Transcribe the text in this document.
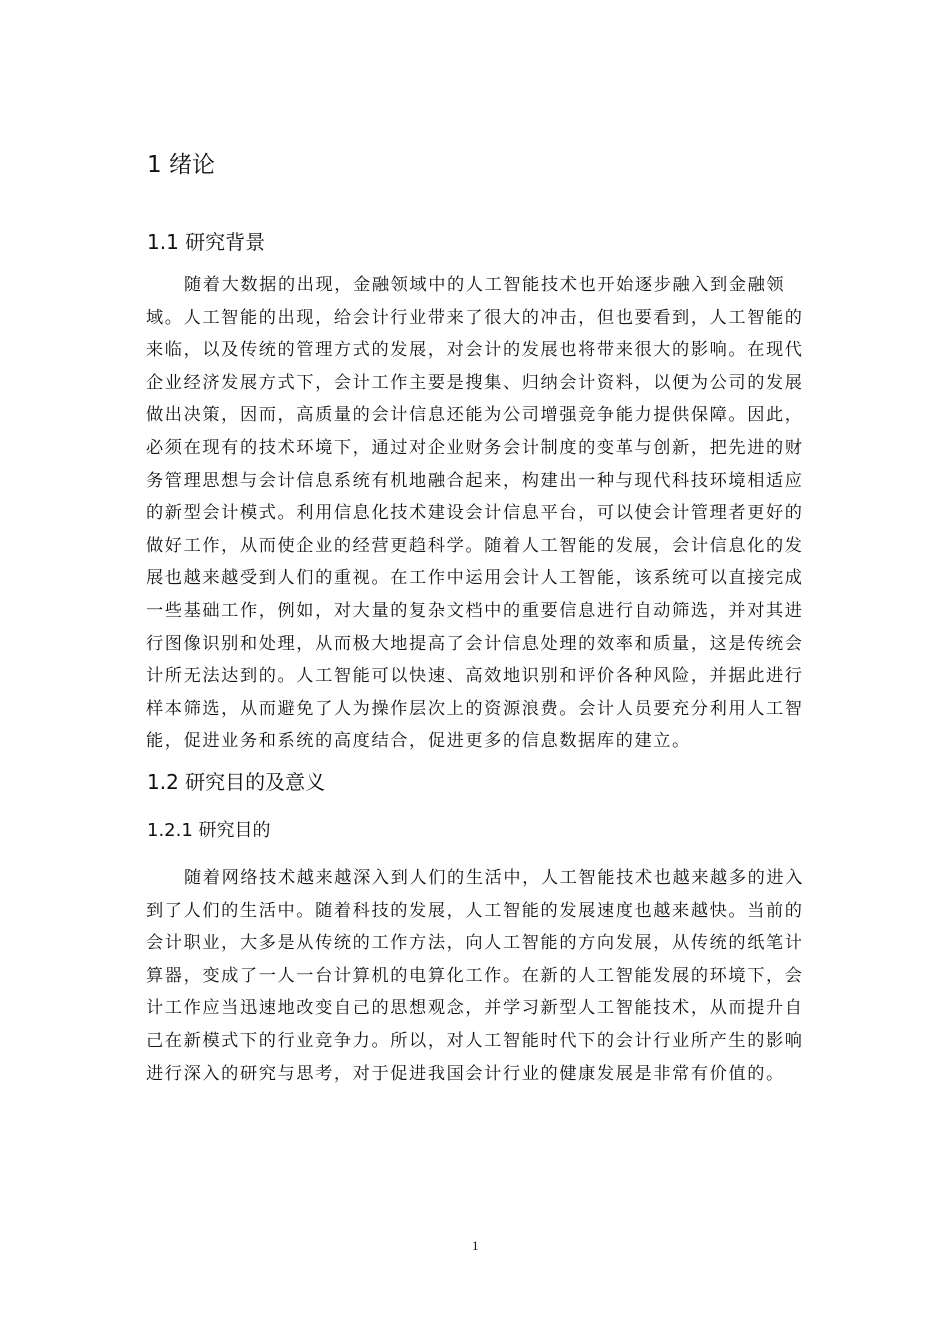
1 绪论
1.1 研究背景
随着大数据的出现，金融领域中的人工智能技术也开始逐步融入到金融领
域。人工智能的出现，给会计行业带来了很大的冲击，但也要看到，人工智能的
来临，以及传统的管理方式的发展，对会计的发展也将带来很大的影响。在现代
企业经济发展方式下，会计工作主要是搜集、归纳会计资料，以便为公司的发展
做出决策，因而，高质量的会计信息还能为公司增强竞争能力提供保障。因此，
必须在现有的技术环境下，通过对企业财务会计制度的变革与创新，把先进的财
务管理思想与会计信息系统有机地融合起来，构建出一种与现代科技环境相适应
的新型会计模式。利用信息化技术建设会计信息平台，可以使会计管理者更好的
做好工作，从而使企业的经营更趋科学。随着人工智能的发展，会计信息化的发
展也越来越受到人们的重视。在工作中运用会计人工智能，该系统可以直接完成
一些基础工作，例如，对大量的复杂文档中的重要信息进行自动筛选，并对其进
行图像识别和处理，从而极大地提高了会计信息处理的效率和质量，这是传统会
计所无法达到的。人工智能可以快速、高效地识别和评价各种风险，并据此进行
样本筛选，从而避免了人为操作层次上的资源浪费。会计人员要充分利用人工智
能，促进业务和系统的高度结合，促进更多的信息数据库的建立。
1.2 研究目的及意义
1.2.1 研究目的
随着网络技术越来越深入到人们的生活中，人工智能技术也越来越多的进入
到了人们的生活中。随着科技的发展，人工智能的发展速度也越来越快。当前的
会计职业，大多是从传统的工作方法，向人工智能的方向发展，从传统的纸笔计
算器，变成了一人一台计算机的电算化工作。在新的人工智能发展的环境下，会
计工作应当迅速地改变自己的思想观念，并学习新型人工智能技术，从而提升自
己在新模式下的行业竞争力。所以，对人工智能时代下的会计行业所产生的影响
进行深入的研究与思考，对于促进我国会计行业的健康发展是非常有价值的。
1
